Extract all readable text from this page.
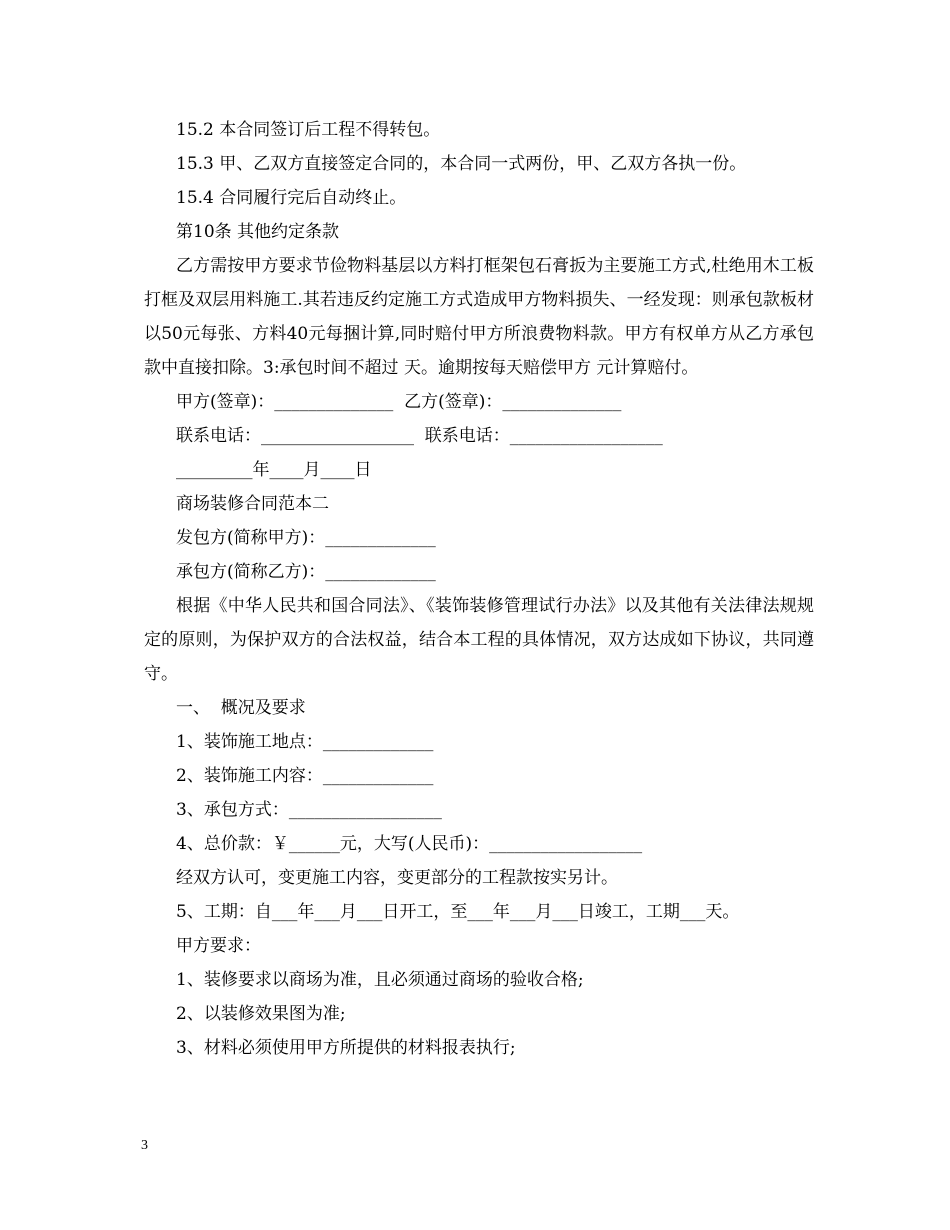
15.2 本合同签订后工程不得转包。

15.3 甲、乙双方直接签定合同的，本合同一式两份，甲、乙双方各执一份。

15.4 合同履行完后自动终止。

第10条 其他约定条款

乙方需按甲方要求节俭物料基层以方料打框架包石膏扳为主要施工方式,杜绝用木工板打框及双层用料施工.其若违反约定施工方式造成甲方物料损失、一经发现：则承包款板材以50元每张、方料40元每捆计算,同时赔付甲方所浪费物料款。甲方有权单方从乙方承包款中直接扣除。3:承包时间不超过 天。逾期按每天赔偿甲方 元计算赔付。

甲方(签章)：______________  乙方(签章)：______________

联系电话：__________________  联系电话：__________________

_________年____月____日

商场装修合同范本二

发包方(简称甲方)：_____________

承包方(简称乙方)：_____________

根据《中华人民共和国合同法》、《装饰装修管理试行办法》以及其他有关法律法规规定的原则，为保护双方的合法权益，结合本工程的具体情况，双方达成如下协议，共同遵守。

一、  概况及要求

1、装饰施工地点：_____________

2、装饰施工内容：_____________

3、承包方式：__________________

4、总价款：￥______元，大写(人民币)：__________________

经双方认可，变更施工内容，变更部分的工程款按实另计。

5、工期：自___年___月___日开工，至___年___月___日竣工，工期___天。

甲方要求：

1、装修要求以商场为准，且必须通过商场的验收合格;

2、以装修效果图为准;

3、材料必须使用甲方所提供的材料报表执行;

3
